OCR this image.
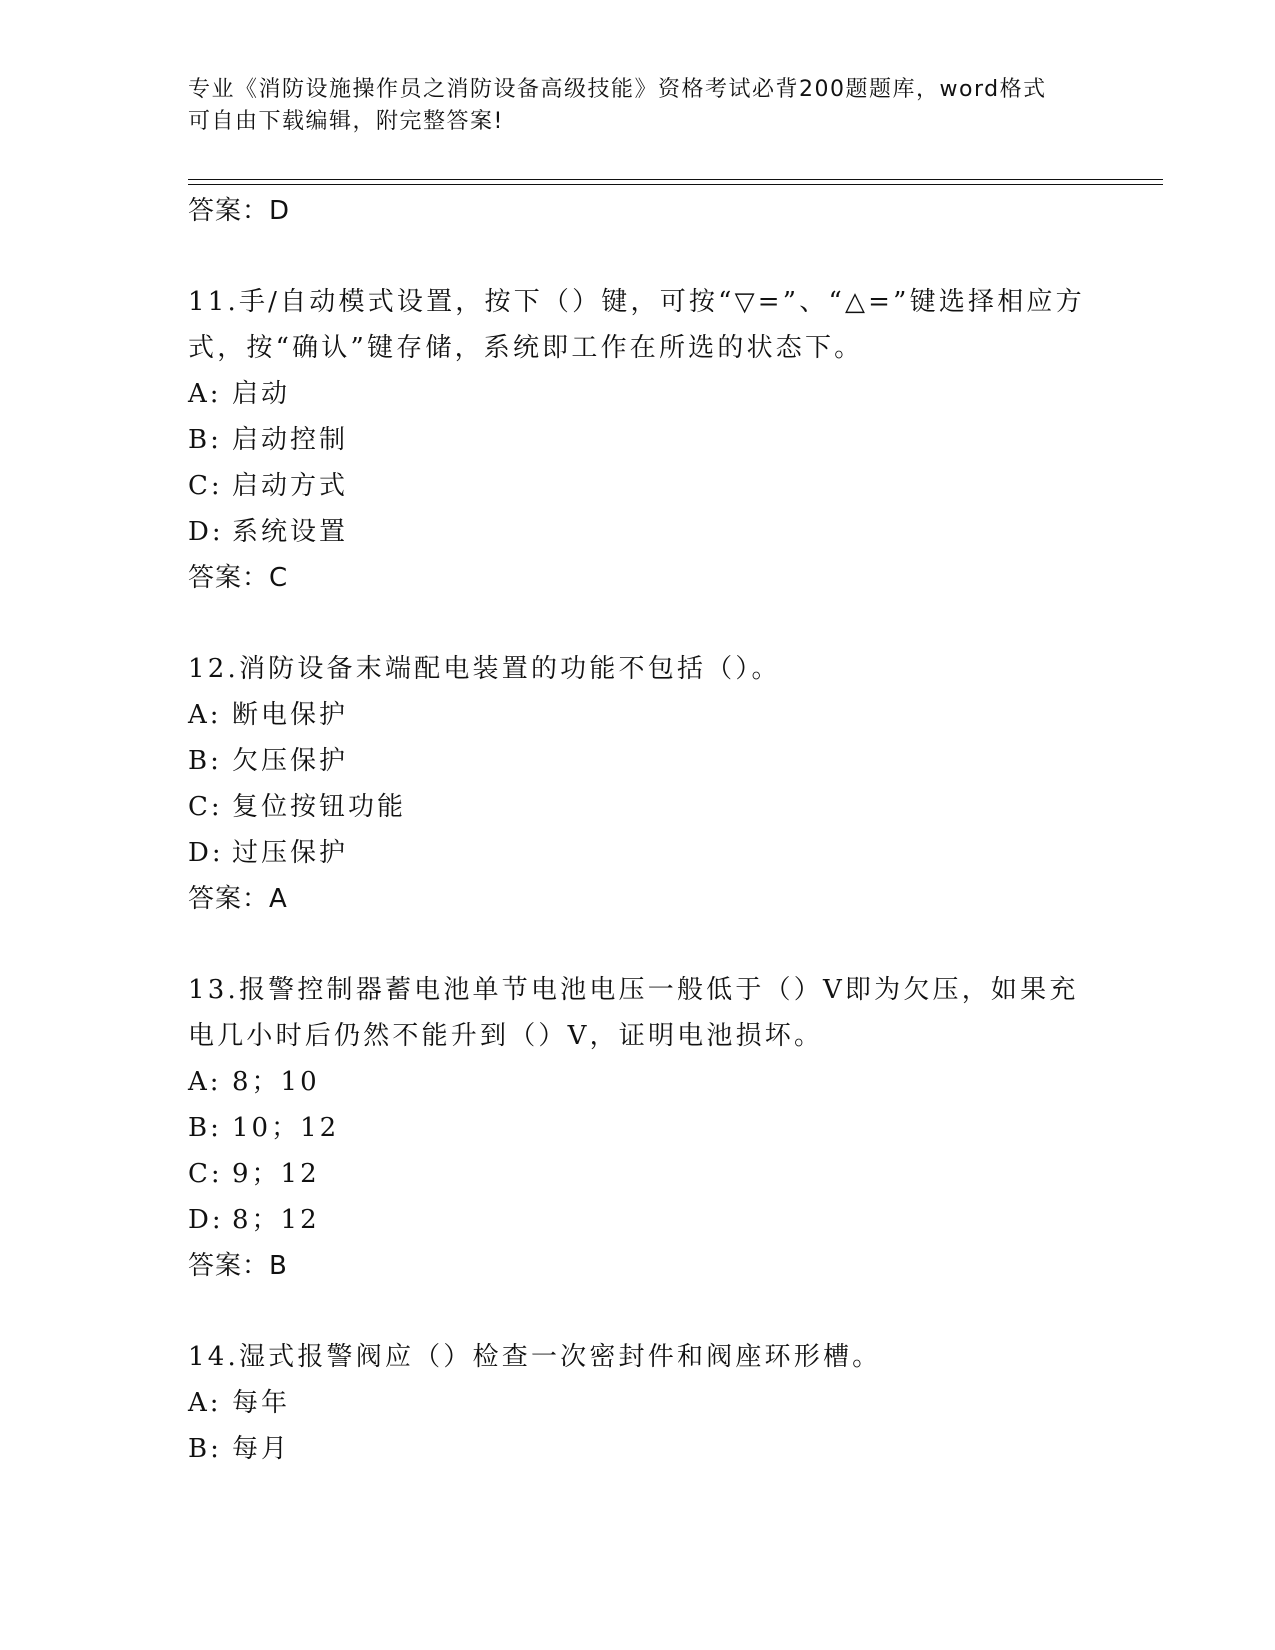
专业《消防设施操作员之消防设备高级技能》资格考试必背200题题库，word格式可自由下载编辑，附完整答案!
答案：D
11.手/自动模式设置，按下（）键，可按“▽=”、“△=”键选择相应方式，按“确认”键存储，系统即工作在所选的状态下。
A: 启动
B: 启动控制
C: 启动方式
D: 系统设置
答案：C
12.消防设备末端配电装置的功能不包括（）。
A: 断电保护
B: 欠压保护
C: 复位按钮功能
D: 过压保护
答案：A
13.报警控制器蓄电池单节电池电压一般低于（）V即为欠压，如果充电几小时后仍然不能升到（）V，证明电池损坏。
A: 8；10
B: 10；12
C: 9；12
D: 8；12
答案：B
14.湿式报警阀应（）检查一次密封件和阀座环形槽。
A: 每年
B: 每月
